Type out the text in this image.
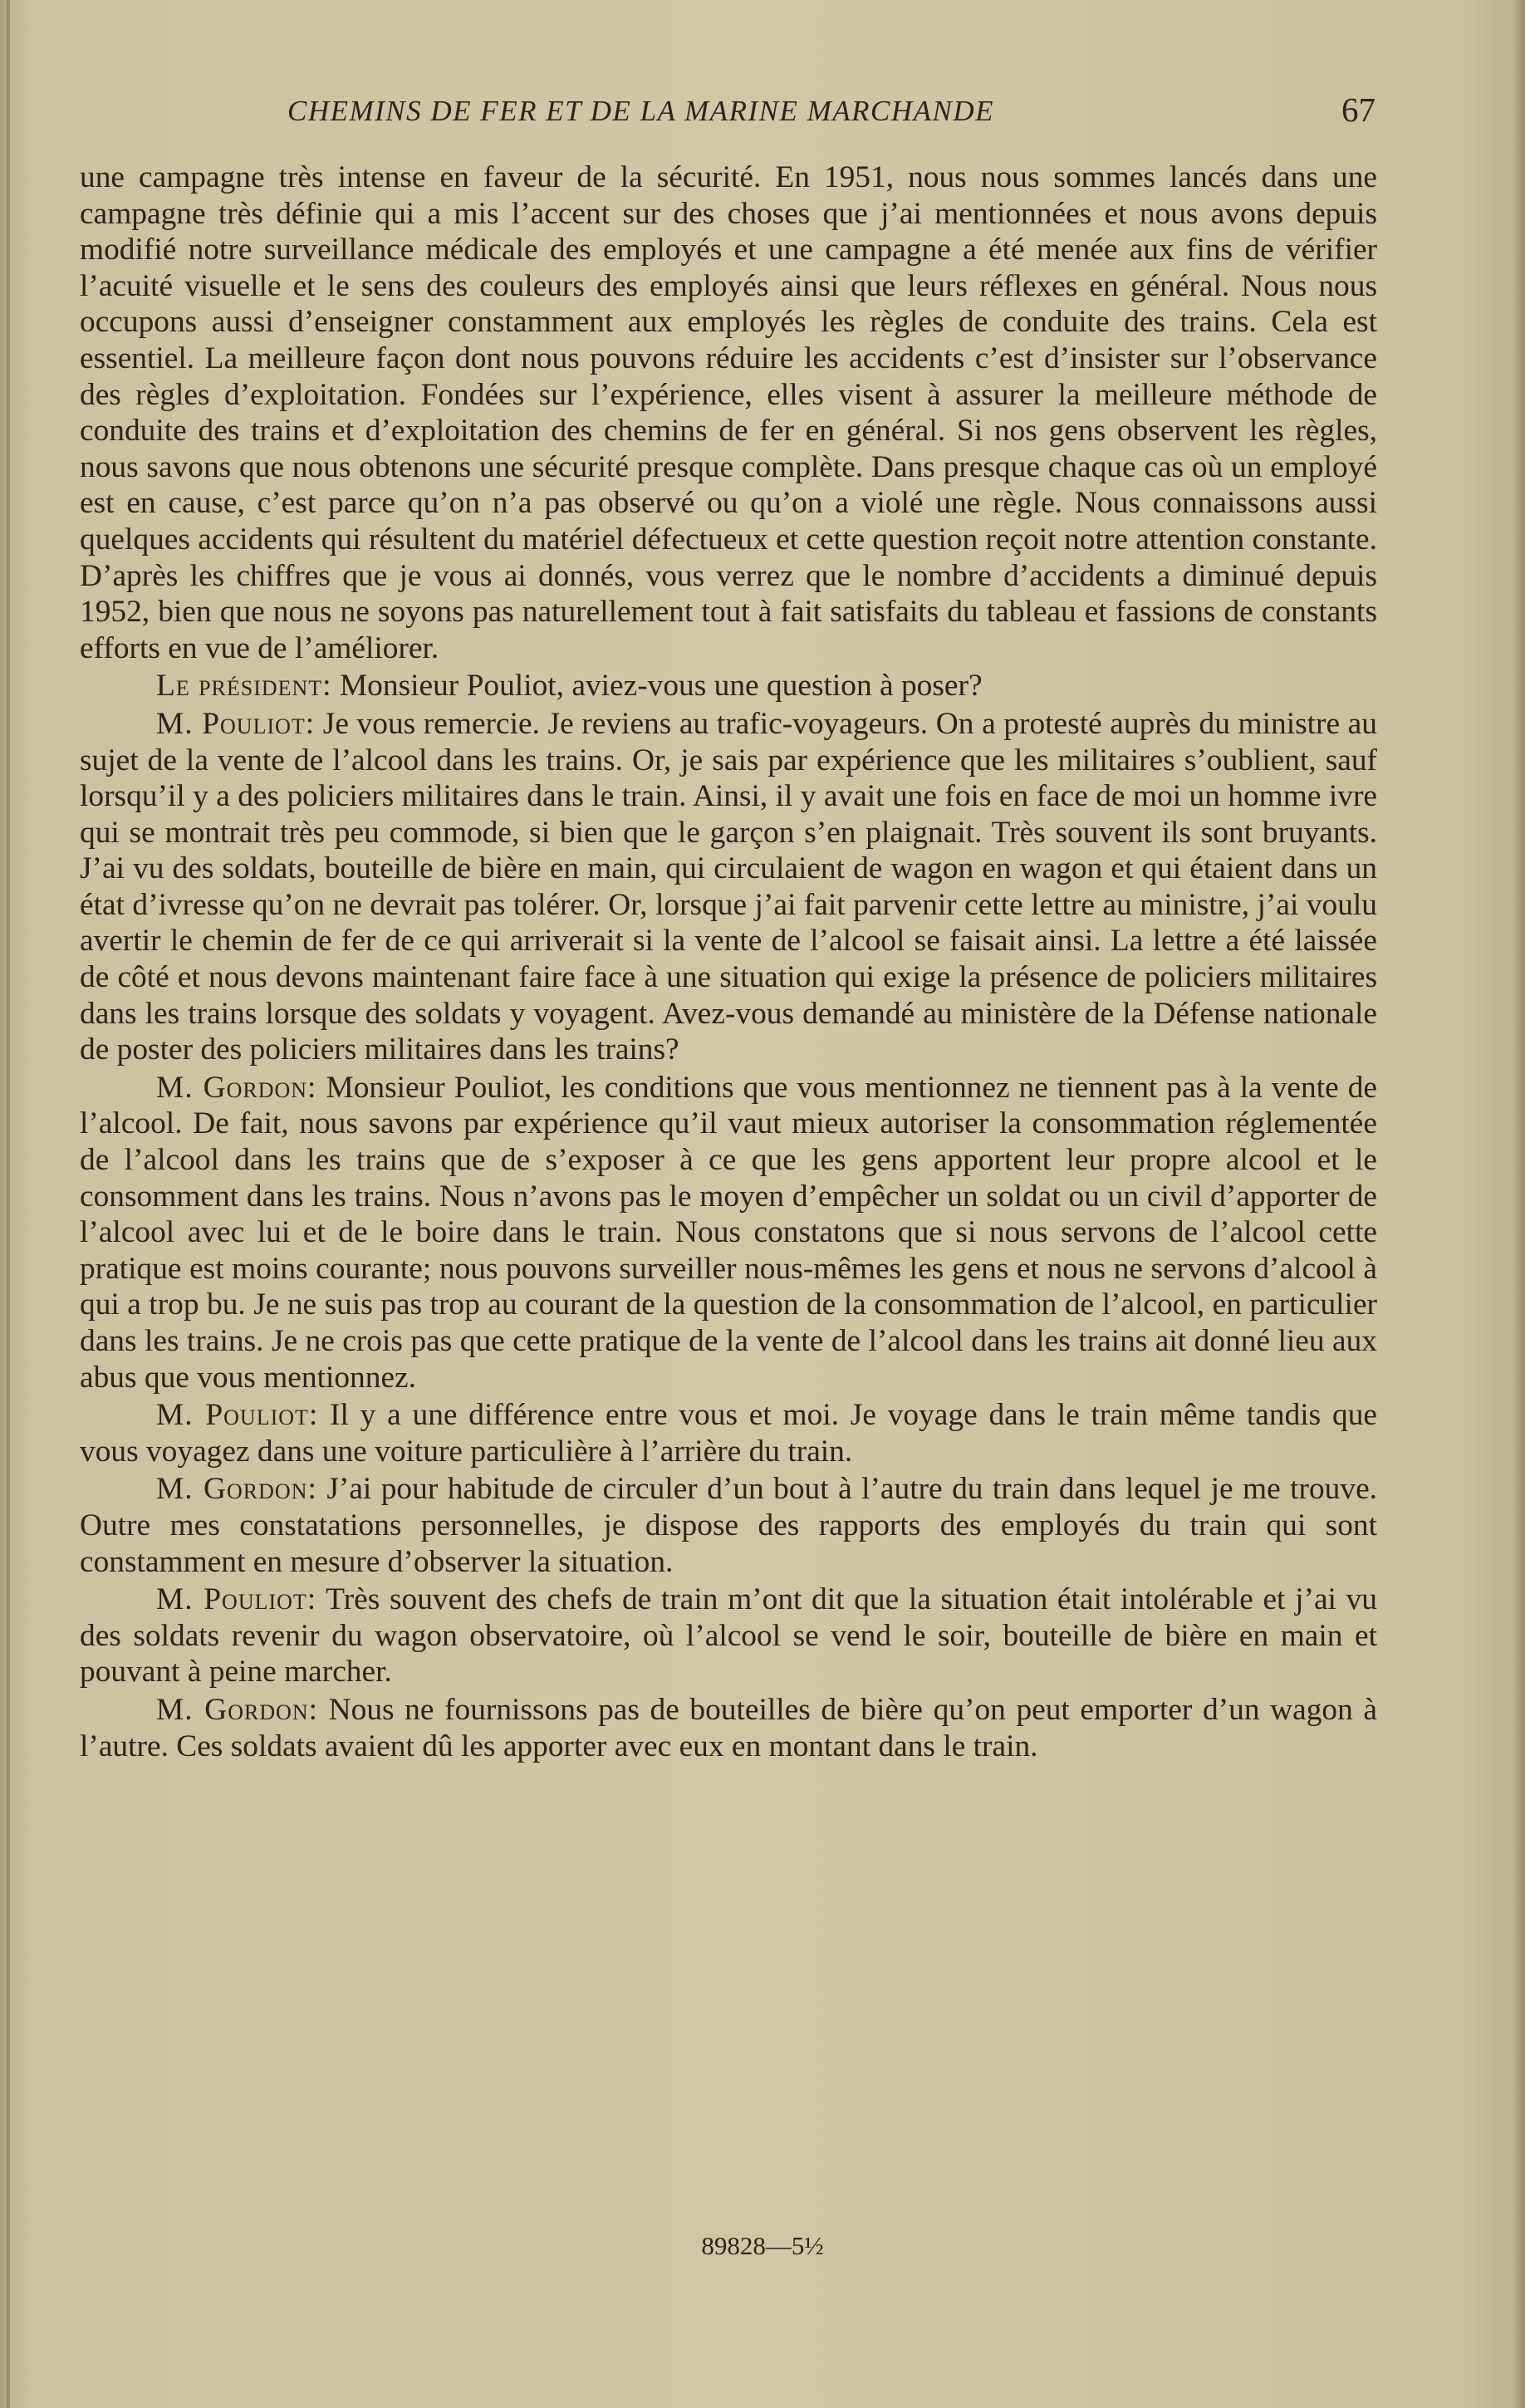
CHEMINS DE FER ET DE LA MARINE MARCHANDE	67

une campagne très intense en faveur de la sécurité. En 1951, nous nous sommes lancés dans une campagne très définie qui a mis l’accent sur des choses que j’ai mentionnées et nous avons depuis modifié notre surveillance médicale des employés et une campagne a été menée aux fins de vérifier l’acuité visuelle et le sens des couleurs des employés ainsi que leurs réflexes en général. Nous nous occupons aussi d’enseigner constamment aux employés les règles de conduite des trains. Cela est essentiel. La meilleure façon dont nous pouvons réduire les accidents c’est d’insister sur l’observance des règles d’exploitation. Fondées sur l’expérience, elles visent à assurer la meilleure méthode de conduite des trains et d’exploitation des chemins de fer en général. Si nos gens observent les règles, nous savons que nous obtenons une sécurité presque complète. Dans presque chaque cas où un employé est en cause, c’est parce qu’on n’a pas observé ou qu’on a violé une règle. Nous connaissons aussi quelques accidents qui résultent du matériel défectueux et cette question reçoit notre attention constante. D’après les chiffres que je vous ai donnés, vous verrez que le nombre d’accidents a diminué depuis 1952, bien que nous ne soyons pas naturellement tout à fait satisfaits du tableau et fassions de constants efforts en vue de l’améliorer.

Le président: Monsieur Pouliot, aviez-vous une question à poser?

M. Pouliot: Je vous remercie. Je reviens au trafic-voyageurs. On a protesté auprès du ministre au sujet de la vente de l’alcool dans les trains. Or, je sais par expérience que les militaires s’oublient, sauf lorsqu’il y a des policiers militaires dans le train. Ainsi, il y avait une fois en face de moi un homme ivre qui se montrait très peu commode, si bien que le garçon s’en plaignait. Très souvent ils sont bruyants. J’ai vu des soldats, bouteille de bière en main, qui circulaient de wagon en wagon et qui étaient dans un état d’ivresse qu’on ne devrait pas tolérer. Or, lorsque j’ai fait parvenir cette lettre au ministre, j’ai voulu avertir le chemin de fer de ce qui arriverait si la vente de l’alcool se faisait ainsi. La lettre a été laissée de côté et nous devons maintenant faire face à une situation qui exige la présence de policiers militaires dans les trains lorsque des soldats y voyagent. Avez-vous demandé au ministère de la Défense nationale de poster des policiers militaires dans les trains?

M. Gordon: Monsieur Pouliot, les conditions que vous mentionnez ne tiennent pas à la vente de l’alcool. De fait, nous savons par expérience qu’il vaut mieux autoriser la consommation réglementée de l’alcool dans les trains que de s’exposer à ce que les gens apportent leur propre alcool et le consomment dans les trains. Nous n’avons pas le moyen d’empêcher un soldat ou un civil d’apporter de l’alcool avec lui et de le boire dans le train. Nous constatons que si nous servons de l’alcool cette pratique est moins courante; nous pouvons surveiller nous-mêmes les gens et nous ne servons d’alcool à qui a trop bu. Je ne suis pas trop au courant de la question de la consommation de l’alcool, en particulier dans les trains. Je ne crois pas que cette pratique de la vente de l’alcool dans les trains ait donné lieu aux abus que vous mentionnez.

M. Pouliot: Il y a une différence entre vous et moi. Je voyage dans le train même tandis que vous voyagez dans une voiture particulière à l’arrière du train.

M. Gordon: J’ai pour habitude de circuler d’un bout à l’autre du train dans lequel je me trouve. Outre mes constatations personnelles, je dispose des rapports des employés du train qui sont constamment en mesure d’observer la situation.

M. Pouliot: Très souvent des chefs de train m’ont dit que la situation était intolérable et j’ai vu des soldats revenir du wagon observatoire, où l’alcool se vend le soir, bouteille de bière en main et pouvant à peine marcher.

M. Gordon: Nous ne fournissons pas de bouteilles de bière qu’on peut emporter d’un wagon à l’autre. Ces soldats avaient dû les apporter avec eux en montant dans le train.

89828—5½
